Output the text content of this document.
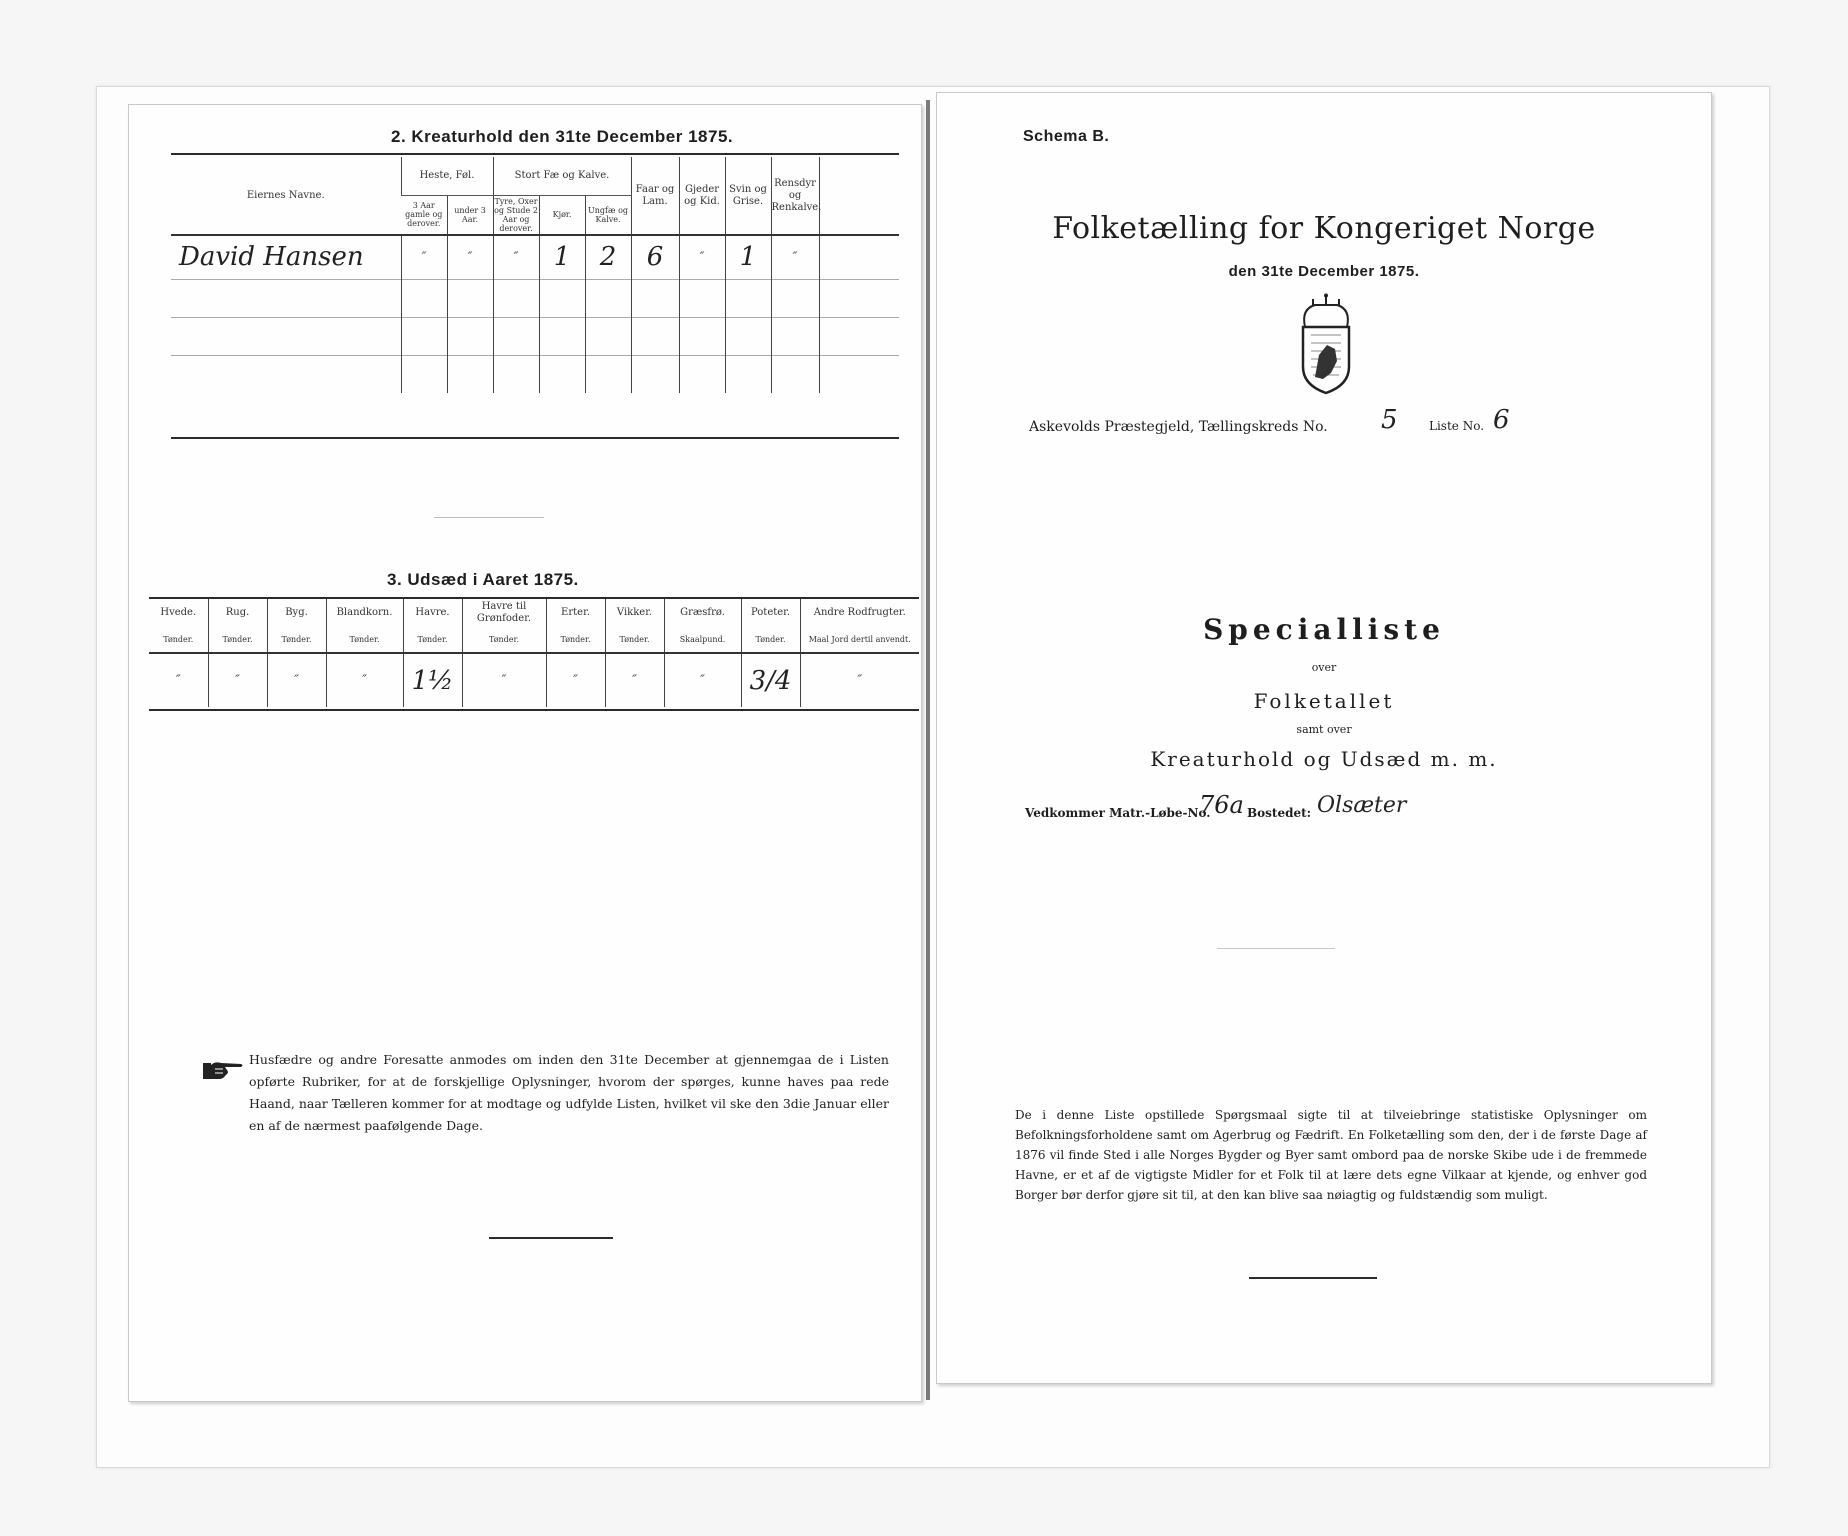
2. Kreaturhold den 31te December 1875.
Eiernes Navne.	Heste, Føl.		Stort Fæ og Kalve.			Faar og Lam.	Gjeder og Kid.	Svin og Grise.	Rensdyr og Renkalve.	
	3 Aar gamle og derover.	under 3 Aar.	Tyre, Oxer og Stude 2 Aar og derover.	Kjør.	Ungfæ og Kalve.					
David Hansen	″	″	″	1	2	6	″	1	″	

3. Udsæd i Aaret 1875.
Hvede.	Rug.	Byg.	Blandkorn.	Havre.	Havre til Grønfoder.	Erter.	Vikker.	Græsfrø.	Poteter.	Andre Rodfrugter.
Tønder.	Tønder.	Tønder.	Tønder.	Tønder.	Tønder.	Tønder.	Tønder.	Skaalpund.	Tønder.	Maal Jord dertil anvendt.
″	″	″	″	1½	″	″	″	″	3/4	″
Husfædre og andre Foresatte anmodes om inden den 31te December at gjennemgaa de i Listen opførte Rubriker, for at de forskjellige Oplysninger, hvorom der spørges, kunne haves paa rede Haand, naar Tælleren kommer for at modtage og udfylde Listen, hvilket vil ske den 3die Januar eller en af de nærmest paafølgende Dage.
Schema B.
Folketælling for Kongeriget Norge
den 31te December 1875.
Askevolds Præstegjeld, Tællingskreds No. 5	Liste No. 6
Specialliste
over
Folketallet
samt over
Kreaturhold og Udsæd m. m.
Vedkommer Matr.-Løbe-No.
76a Bostedet: Olsæter
De i denne Liste opstillede Spørgsmaal sigte til at tilveiebringe statistiske Oplysninger om Befolkningsforholdene samt om Agerbrug og Fædrift. En Folketælling som den, der i de første Dage af 1876 vil finde Sted i alle Norges Bygder og Byer samt ombord paa de norske Skibe ude i de fremmede Havne, er et af de vigtigste Midler for et Folk til at lære dets egne Vilkaar at kjende, og enhver god Borger bør derfor gjøre sit til, at den kan blive saa nøiagtig og fuldstændig som muligt.
